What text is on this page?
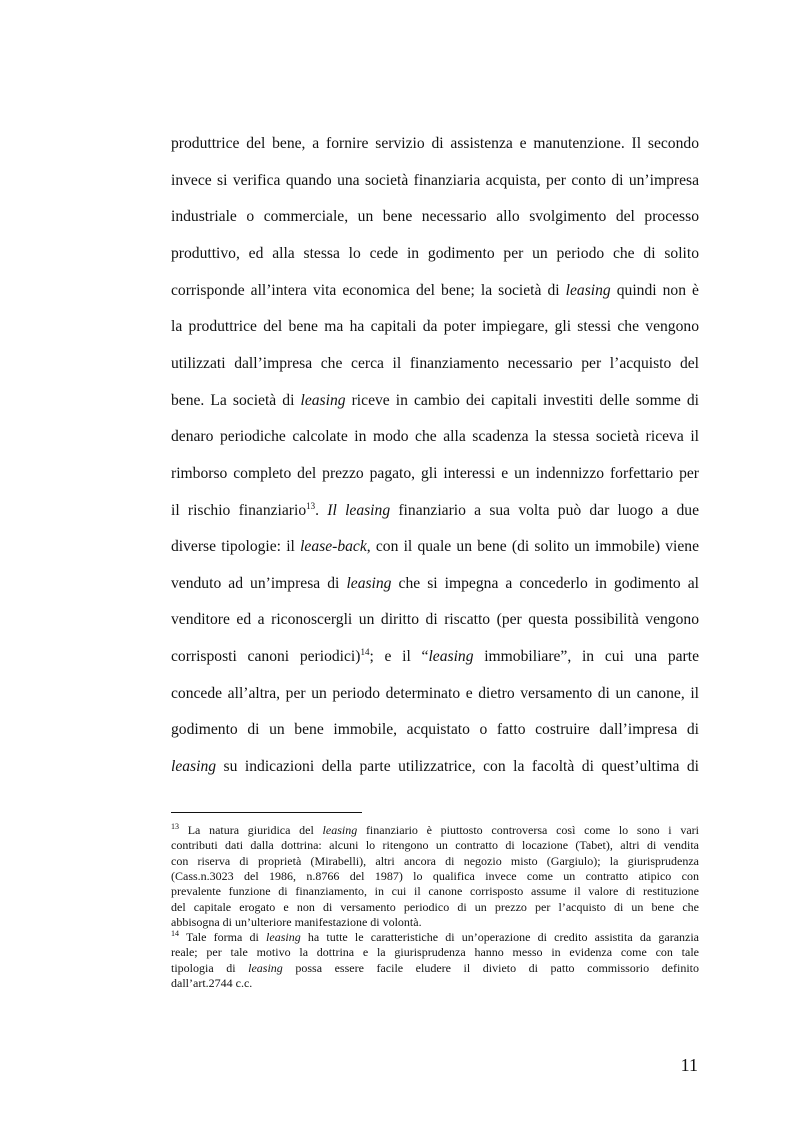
produttrice del bene, a fornire servizio di assistenza e manutenzione. Il secondo
invece si verifica quando una società finanziaria acquista, per conto di un’impresa
industriale o commerciale, un bene necessario allo svolgimento del processo
produttivo, ed alla stessa lo cede in godimento per un periodo che di solito
corrisponde all’intera vita economica del bene; la società di leasing quindi non è
la produttrice del bene ma ha capitali da poter impiegare, gli stessi che vengono
utilizzati dall’impresa che cerca il finanziamento necessario per l’acquisto del
bene. La società di leasing riceve in cambio dei capitali investiti delle somme di
denaro periodiche calcolate in modo che alla scadenza la stessa società riceva il
rimborso completo del prezzo pagato, gli interessi e un indennizzo forfettario per
il rischio finanziario$^{13}$. Il leasing finanziario a sua volta può dar luogo a due
diverse tipologie: il lease-back, con il quale un bene (di solito un immobile) viene
venduto ad un’impresa di leasing che si impegna a concederlo in godimento al
venditore ed a riconoscergli un diritto di riscatto (per questa possibilità vengono
corrisposti canoni periodici)$^{14}$; e il “leasing immobiliare”, in cui una parte
concede all’altra, per un periodo determinato e dietro versamento di un canone, il
godimento di un bene immobile, acquistato o fatto costruire dall’impresa di
leasing su indicazioni della parte utilizzatrice, con la facoltà di quest’ultima di
$^{13}$ La natura giuridica del leasing finanziario è piuttosto controversa così come lo sono i vari
contributi dati dalla dottrina: alcuni lo ritengono un contratto di locazione (Tabet), altri di vendita
con riserva di proprietà (Mirabelli), altri ancora di negozio misto (Gargiulo); la giurisprudenza
(Cass.n.3023 del 1986, n.8766 del 1987) lo qualifica invece come un contratto atipico con
prevalente funzione di finanziamento, in cui il canone corrisposto assume il valore di restituzione
del capitale erogato e non di versamento periodico di un prezzo per l’acquisto di un bene che
abbisogna di un’ulteriore manifestazione di volontà.
$^{14}$ Tale forma di leasing ha tutte le caratteristiche di un’operazione di credito assistita da garanzia
reale; per tale motivo la dottrina e la giurisprudenza hanno messo in evidenza come con tale
tipologia di leasing possa essere facile eludere il divieto di patto commissorio definito
dall’art.2744 c.c.
11
